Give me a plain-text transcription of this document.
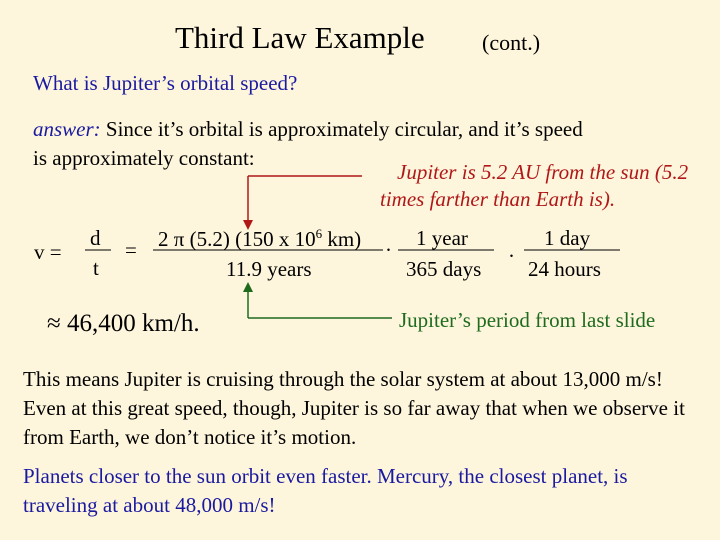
Third Law Example	(cont.)
What is Jupiter’s orbital speed?
answer: Since it’s orbital is approximately circular, and it’s speed
is approximately constant:
Jupiter is 5.2 AU from the sun (5.2
times farther than Earth is).
v =
d
t
= 2 π (5.2) (150 x $10^6$ km)
11.9 years
· 1 year
365 days
·
1 day
24 hours
≈ 46,400 km/h.	Jupiter’s period from last slide
This means Jupiter is cruising through the solar system at about 13,000 m/s! Even at this great speed, though, Jupiter is so far away that when we observe it from Earth, we don’t notice it’s motion.
Planets closer to the sun orbit even faster. Mercury, the closest planet, is traveling at about 48,000 m/s!
